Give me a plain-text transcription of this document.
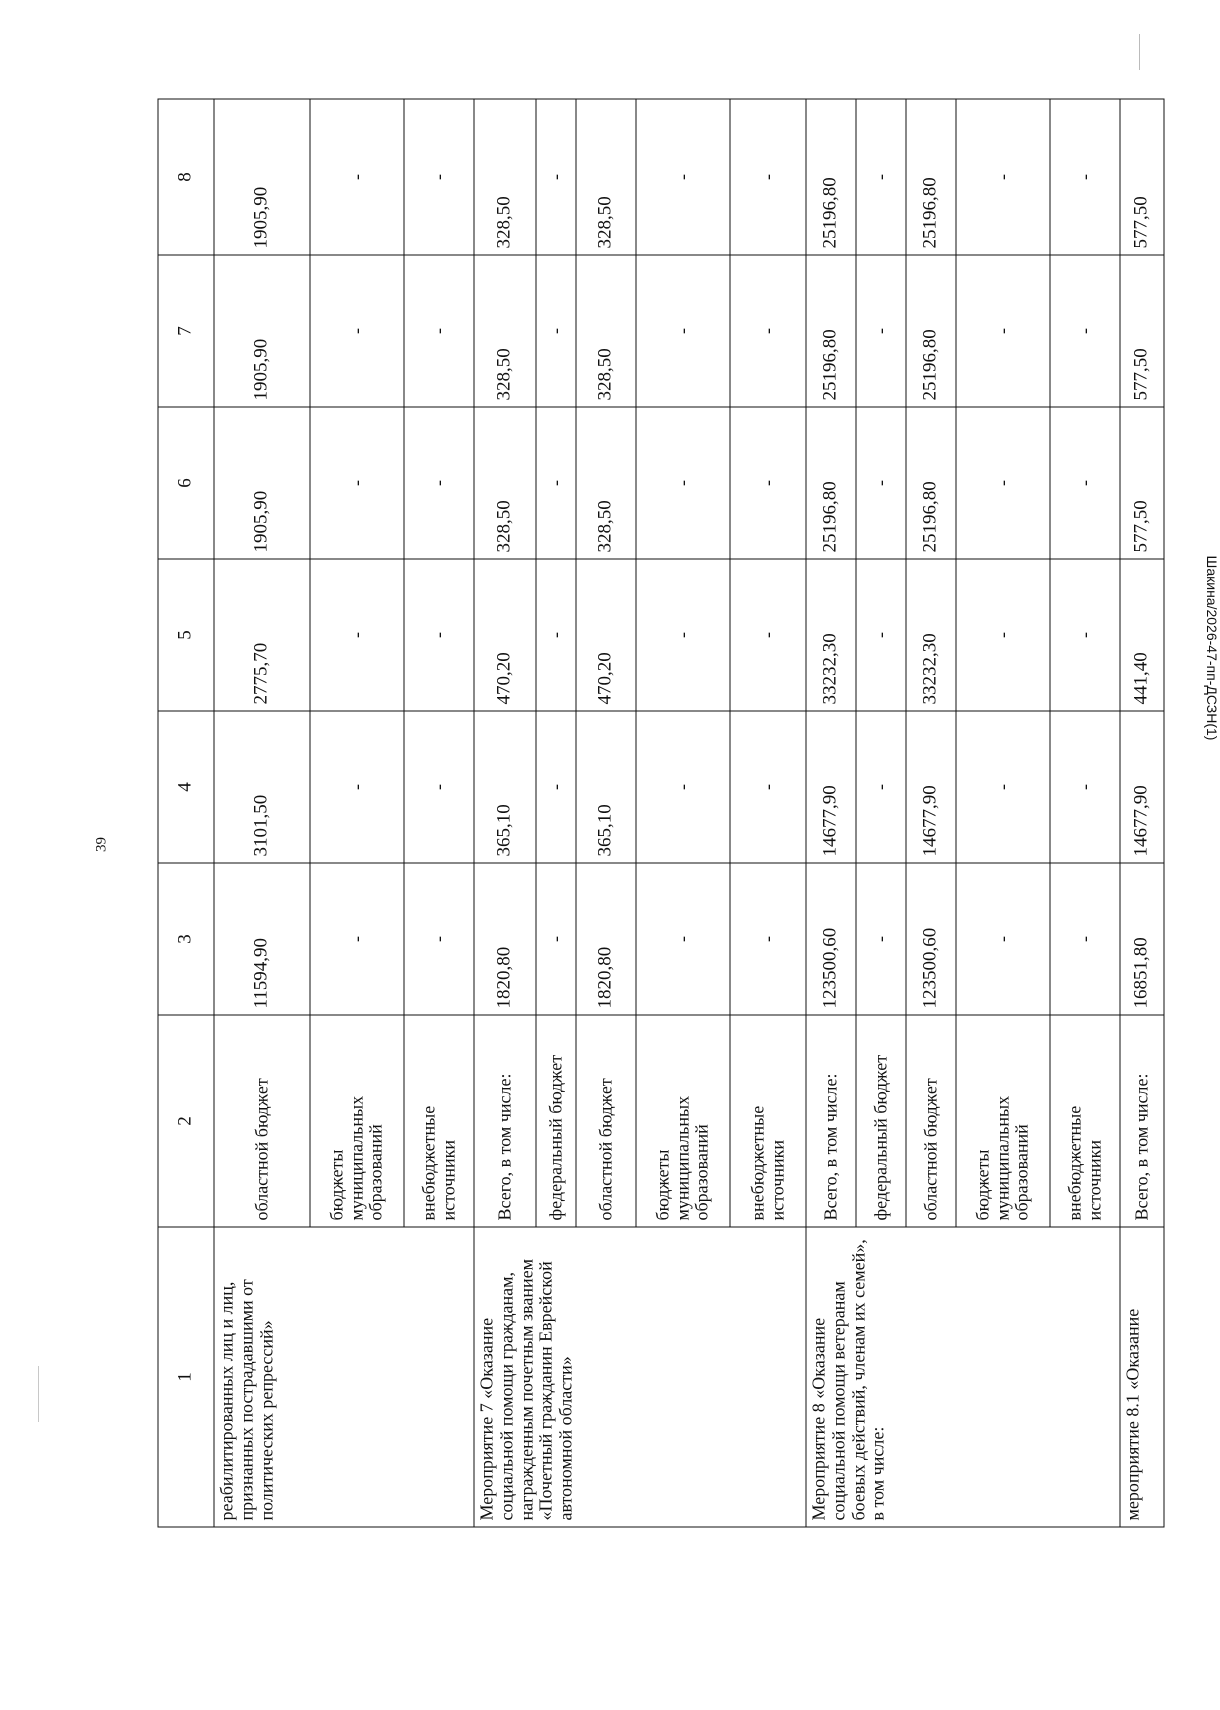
39
Шакина/2026-47-пп-ДСЗН(1)
1	2	3	4	5	6	7	8
реабилитированных лиц и лиц, признанных пострадавшими от политических репрессий»	областной бюджет	11594,90	3101,50	2775,70	1905,90	1905,90	1905,90
	бюджеты муниципальных образований	-	-	-	-	-	-
	внебюджетные источники	-	-	-	-	-	-
Мероприятие 7 «Оказание социальной помощи гражданам, награжденным почетным званием «Почетный гражданин Еврейской автономной области»	Всего, в том числе:	1820,80	365,10	470,20	328,50	328,50	328,50
	федеральный бюджет	-	-	-	-	-	-
	областной бюджет	1820,80	365,10	470,20	328,50	328,50	328,50
	бюджеты муниципальных образований	-	-	-	-	-	-
	внебюджетные источники	-	-	-	-	-	-
Мероприятие 8 «Оказание социальной помощи ветеранам боевых действий, членам их семей», в том числе:	Всего, в том числе:	123500,60	14677,90	33232,30	25196,80	25196,80	25196,80
	федеральный бюджет	-	-	-	-	-	-
	областной бюджет	123500,60	14677,90	33232,30	25196,80	25196,80	25196,80
	бюджеты муниципальных образований	-	-	-	-	-	-
	внебюджетные источники	-	-	-	-	-	-
мероприятие 8.1 «Оказание	Всего, в том числе:	16851,80	14677,90	441,40	577,50	577,50	577,50
